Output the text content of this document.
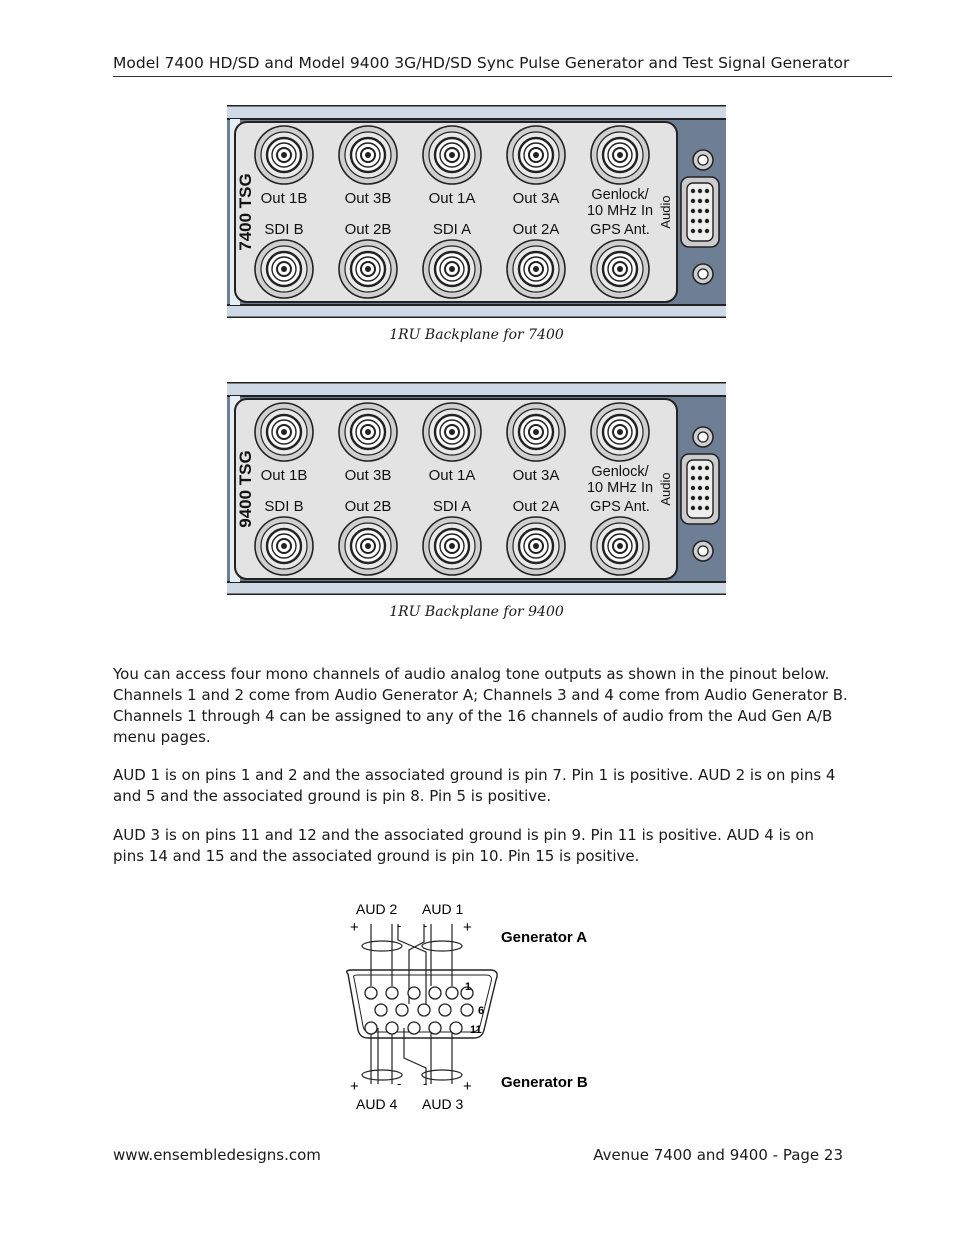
Model 7400 HD/SD and Model 9400 3G/HD/SD Sync Pulse Generator and Test Signal Generator
7400 TSG Out 1B
SDI B
Out 3B
Out 2B
Out 1A
SDI A
Out 3A
Out 2A
Genlock/
10 MHz In
GPS Ant.
Audio
1RU Backplane for 7400
9400 TSG Out 1B
SDI B
Out 3B
Out 2B
Out 1A
SDI A
Out 3A
Out 2A
Genlock/
10 MHz In
GPS Ant.
Audio
1RU Backplane for 9400

You can access four mono channels of audio analog tone outputs as shown in the pinout below. Channels 1 and 2 come from Audio Generator A; Channels 3 and 4 come from Audio Generator B. Channels 1 through 4 can be assigned to any of the 16 channels of audio from the Aud Gen A/B menu pages.

AUD 1 is on pins 1 and 2 and the associated ground is pin 7. Pin 1 is positive. AUD 2 is on pins 4 and 5 and the associated ground is pin 8. Pin 5 is positive.

AUD 3 is on pins 11 and 12 and the associated ground is pin 9. Pin 11 is positive. AUD 4 is on pins 14 and 15 and the associated ground is pin 10. Pin 15 is positive.

1
6
11
AUD 2 AUD 1
+	- - +
Generator A
+	- - +
AUD 4 AUD 3
Generator B
www.ensembledesigns.com	Avenue 7400 and 9400 - Page 23
